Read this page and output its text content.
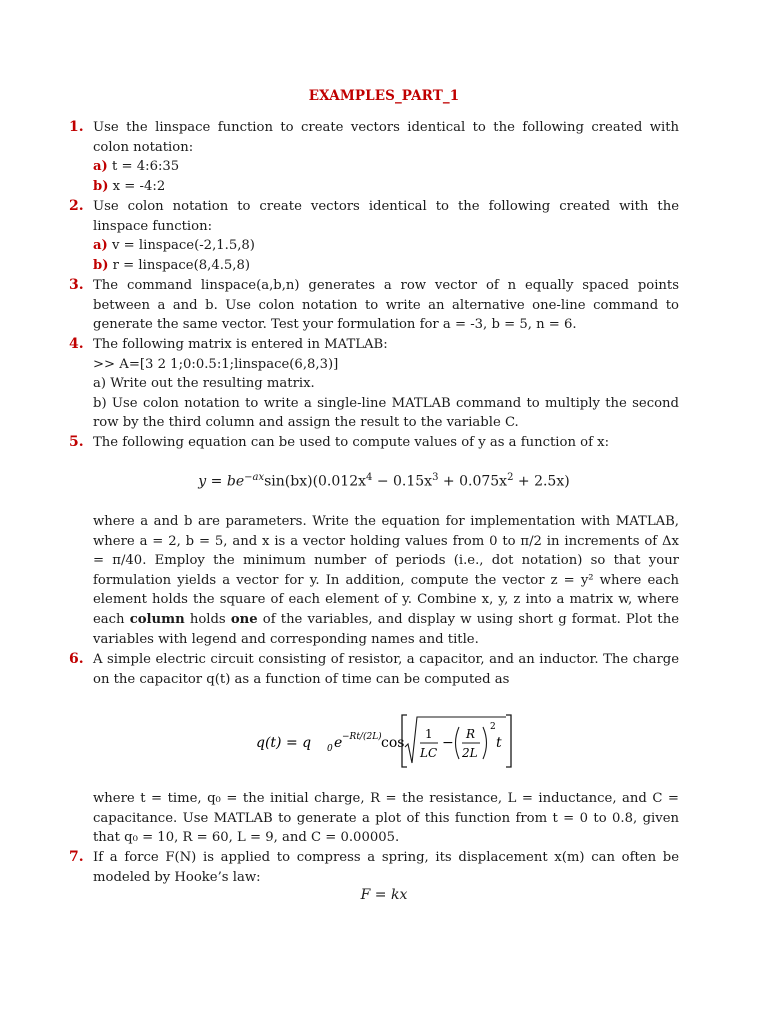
EXAMPLES_PART_1
1. Use the linspace function to create vectors identical to the following created with colon notation:
a) t = 4:6:35
b) x = -4:2
2. Use colon notation to create vectors identical to the following created with the linspace function:
a) v = linspace(-2,1.5,8)
b) r = linspace(8,4.5,8)
3. The command linspace(a,b,n) generates a row vector of n equally spaced points between a and b. Use colon notation to write an alternative one-line command to generate the same vector. Test your formulation for a = -3, b = 5, n = 6.
4. The following matrix is entered in MATLAB:
>> A=[3 2 1;0:0.5:1;linspace(6,8,3)]
a) Write out the resulting matrix.
b) Use colon notation to write a single-line MATLAB command to multiply the second row by the third column and assign the result to the variable C.
5. The following equation can be used to compute values of y as a function of x:
$y = be^{-ax}\sin(bx)(0.012x^4 - 0.15x^3 + 0.075x^2 + 2.5x)$
where a and b are parameters. Write the equation for implementation with MATLAB, where a = 2, b = 5, and x is a vector holding values from 0 to π/2 in increments of Δx = π/40. Employ the minimum number of periods (i.e., dot notation) so that your formulation yields a vector for y. In addition, compute the vector z = y² where each element holds the square of each element of y. Combine x, y, z into a matrix w, where each column holds one of the variables, and display w using short g format. Plot the variables with legend and corresponding names and title.
6. A simple electric circuit consisting of resistor, a capacitor, and an inductor. The charge on the capacitor q(t) as a function of time can be computed as
q(t) = q 0 e −Rt/(2L) cos
1
LC
−
R
2L
2
t
where t = time, q₀ = the initial charge, R = the resistance, L = inductance, and C = capacitance. Use MATLAB to generate a plot of this function from t = 0 to 0.8, given that q₀ = 10, R = 60, L = 9, and C = 0.00005.
7. If a force F(N) is applied to compress a spring, its displacement x(m) can often be modeled by Hooke’s law:
F = kx
